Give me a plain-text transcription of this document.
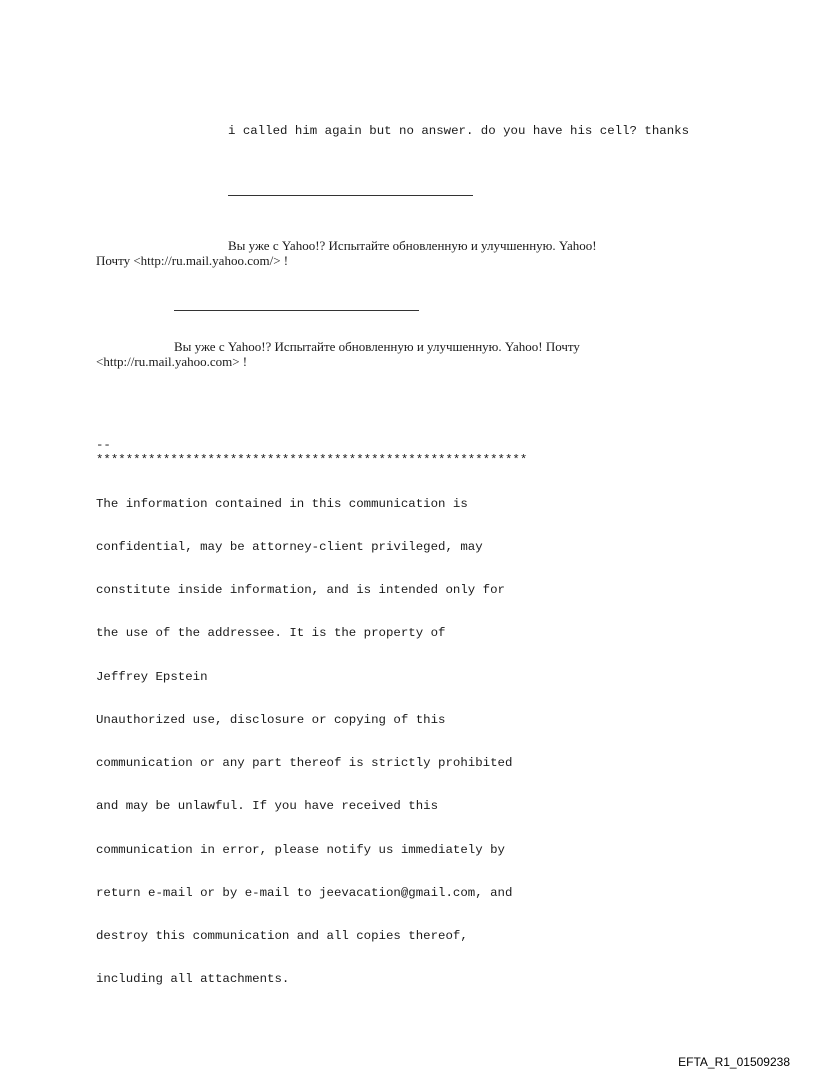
i called him again but no answer. do you have his cell? thanks

Вы уже с Yahoo!? Испытайте обновленную и улучшенную. Yahoo!

Почту <http://ru.mail.yahoo.com/> !

Вы уже с Yahoo!? Испытайте обновленную и улучшенную. Yahoo! Почту

<http://ru.mail.yahoo.com> !

--

**********************************************************

The information contained in this communication is

confidential, may be attorney-client privileged, may

constitute inside information, and is intended only for

the use of the addressee. It is the property of

Jeffrey Epstein

Unauthorized use, disclosure or copying of this

communication or any part thereof is strictly prohibited

and may be unlawful. If you have received this

communication in error, please notify us immediately by

return e-mail or by e-mail to jeevacation@gmail.com, and

destroy this communication and all copies thereof,

including all attachments.

EFTA_R1_01509238
